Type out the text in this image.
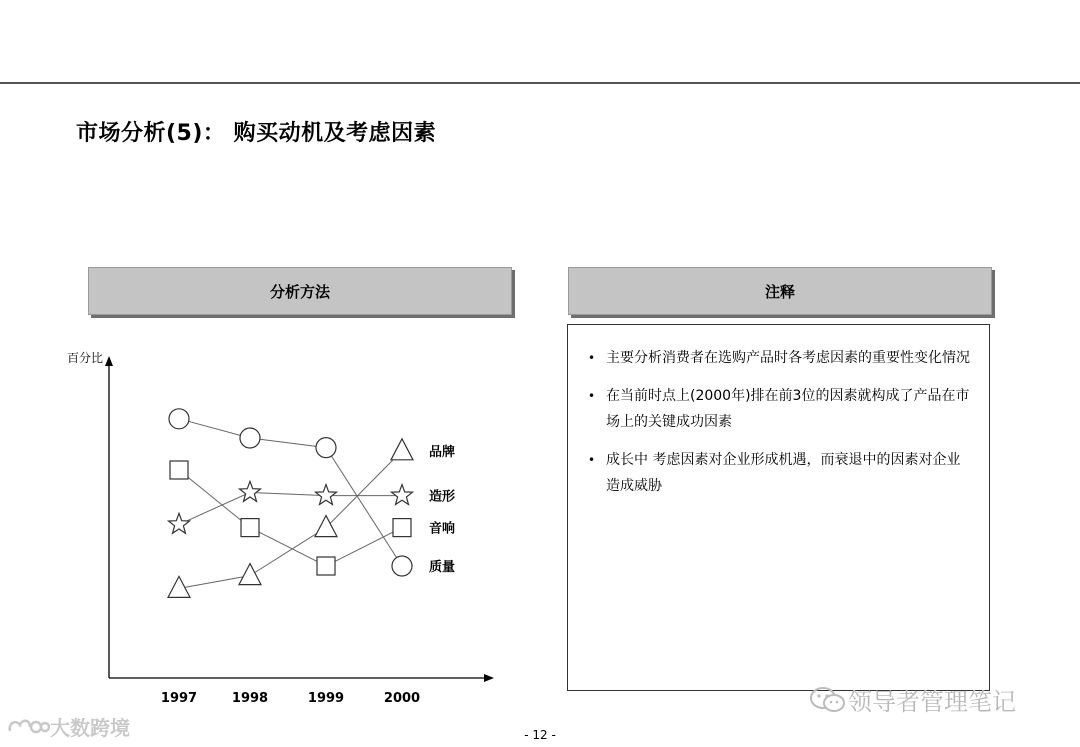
市场分析(5)： 购买动机及考虑因素
分析方法	注释
百分比
1997	1998	1999	2000
品牌
造形
音响
质量
• 主要分析消费者在选购产品时各考虑因素的重要性变化情况
• 在当前时点上(2000年)排在前3位的因素就构成了产品在市场上的关键成功因素
• 成长中 考虑因素对企业形成机遇，而衰退中的因素对企业造成威胁
- 12 -
领导者管理笔记
大数跨境
